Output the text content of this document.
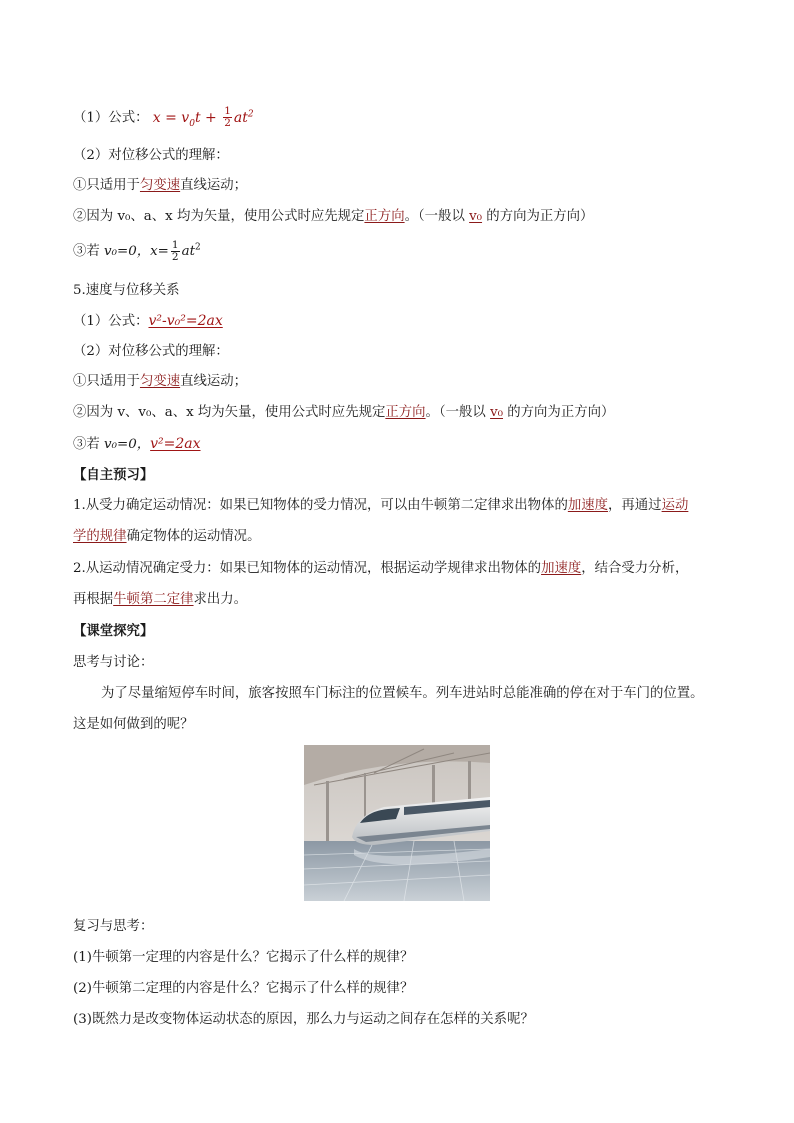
（1）公式： $x = v_0t + \frac{1}{2} at^2$
（2）对位移公式的理解：
①只适用于匀变速直线运动；
②因为 v₀、a、x 均为矢量，使用公式时应先规定正方向。（一般以 v₀ 的方向为正方向）
③若 v₀=0，$x= \frac{1}{2} at^2$
5.速度与位移关系
（1）公式：v²-v₀²=2ax
（2）对位移公式的理解：
①只适用于匀变速直线运动；
②因为 v、v₀、a、x 均为矢量，使用公式时应先规定正方向。（一般以 v₀ 的方向为正方向）
③若 v₀=0，v²=2ax
【自主预习】
1.从受力确定运动情况：如果已知物体的受力情况，可以由牛顿第二定律求出物体的加速度，再通过运动
学的规律确定物体的运动情况。
2.从运动情况确定受力：如果已知物体的运动情况，根据运动学规律求出物体的加速度，结合受力分析，
再根据牛顿第二定律求出力。
【课堂探究】
思考与讨论：
为了尽量缩短停车时间，旅客按照车门标注的位置候车。列车进站时总能准确的停在对于车门的位置。
这是如何做到的呢？
复习与思考：
(1)牛顿第一定理的内容是什么？它揭示了什么样的规律？
(2)牛顿第二定理的内容是什么？它揭示了什么样的规律？
(3)既然力是改变物体运动状态的原因，那么力与运动之间存在怎样的关系呢？
